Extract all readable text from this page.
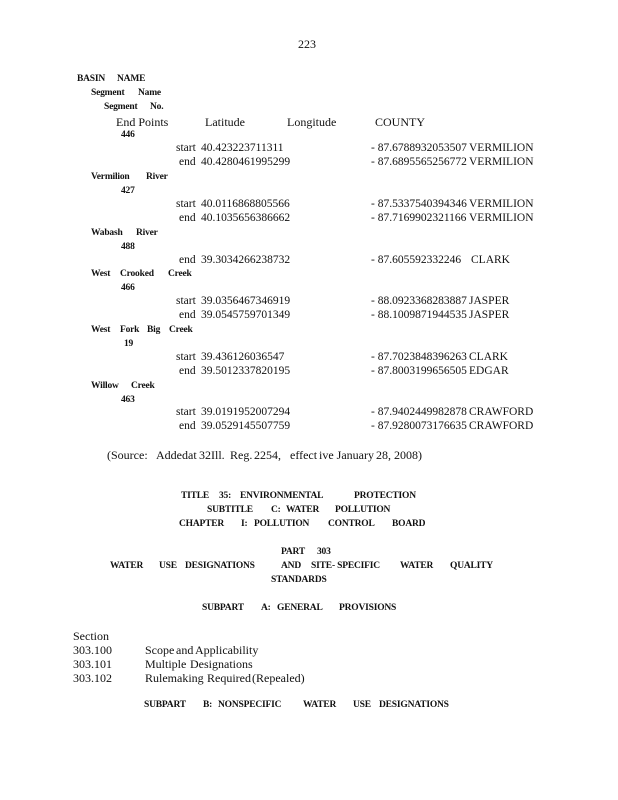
223
BASIN NAME
Segment Name
Segment No.
End Points	Latitude	Longitude	COUNTY
446
start 40.423223711311	- 87.6788932053507 VERMILION
end 40.4280461995299	- 87.6895565256772 VERMILION
Vermilion River
427
start 40.0116868805566	- 87.5337540394346 VERMILION
end 40.1035656386662	- 87.7169902321166 VERMILION
Wabash River
488
end 39.3034266238732	- 87.605592332246 CLARK
West Crooked Creek
466
start 39.0356467346919	- 88.0923368283887 JASPER
end 39.0545759701349	- 88.1009871944535 JASPER
West Fork Big Creek
19
start 39.436126036547	- 87.7023848396263 CLARK
end 39.5012337820195	- 87.8003199656505 EDGAR
Willow Creek
463
start 39.0191952007294	- 87.9402449982878 CRAWFORD
end 39.0529145507759	- 87.9280073176635 CRAWFORD
(Source: Addedat 32Ill. Reg. 2254, effect ive January 28, 2008)
TITLE 35: ENVIRONMENTAL	PROTECTION
SUBTITLE C: WATER POLLUTION
CHAPTER I: POLLUTION CONTROL BOARD
PART 303
WATER USE DESIGNATIONS	AND SITE - SPECIFIC WATER QUALITY
STANDARDS
SUBPART A: GENERAL PROVISIONS
Section
303.100	Scope and Applicability
303.101	Multiple Designations
303.102	Rulemaking Required (Repealed)
SUBPART B: NONSPECIFIC WATER USE DESIGNATIONS
